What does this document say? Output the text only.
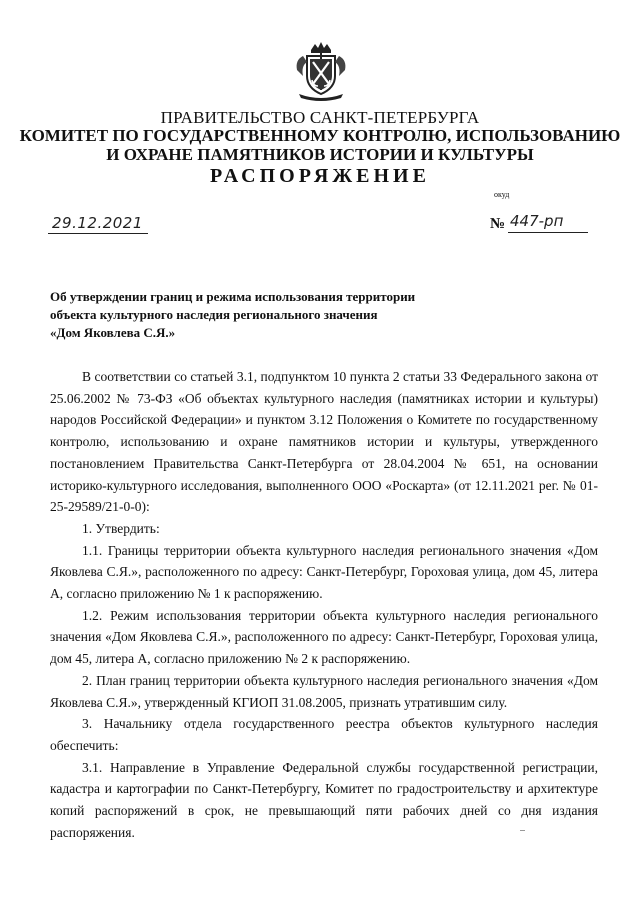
ПРАВИТЕЛЬСТВО САНКТ-ПЕТЕРБУРГА
КОМИТЕТ ПО ГОСУДАРСТВЕННОМУ КОНТРОЛЮ, ИСПОЛЬЗОВАНИЮ
И ОХРАНЕ ПАМЯТНИКОВ ИСТОРИИ И КУЛЬТУРЫ
РАСПОРЯЖЕНИЕ
окуд
29.12.2021	№ 447-рп
Об утверждении границ и режима использования территории
объекта культурного наследия регионального значения
«Дом Яковлева С.Я.»

В соответствии со статьей 3.1, подпунктом 10 пункта 2 статьи 33 Федерального закона от 25.06.2002 № 73-ФЗ «Об объектах культурного наследия (памятниках истории и культуры) народов Российской Федерации» и пунктом 3.12 Положения о Комитете по государственному контролю, использованию и охране памятников истории и культуры, утвержденного постановлением Правительства Санкт-Петербурга от 28.04.2004 № 651, на основании историко-культурного исследования, выполненного ООО «Роскарта» (от 12.11.2021 рег. № 01-25-29589/21-0-0):

1. Утвердить:

1.1. Границы территории объекта культурного наследия регионального значения «Дом Яковлева С.Я.», расположенного по адресу: Санкт-Петербург, Гороховая улица, дом 45, литера А, согласно приложению № 1 к распоряжению.

1.2. Режим использования территории объекта культурного наследия регионального значения «Дом Яковлева С.Я.», расположенного по адресу: Санкт-Петербург, Гороховая улица, дом 45, литера А, согласно приложению № 2 к распоряжению.

2. План границ территории объекта культурного наследия регионального значения «Дом Яковлева С.Я.», утвержденный КГИОП 31.08.2005, признать утратившим силу.

3. Начальнику отдела государственного реестра объектов культурного наследия обеспечить:

3.1. Направление в Управление Федеральной службы государственной регистрации, кадастра и картографии по Санкт-Петербургу, Комитет по градостроительству и архитектуре копий распоряжений в срок, не превышающий пяти рабочих дней со дня издания распоряжения.
